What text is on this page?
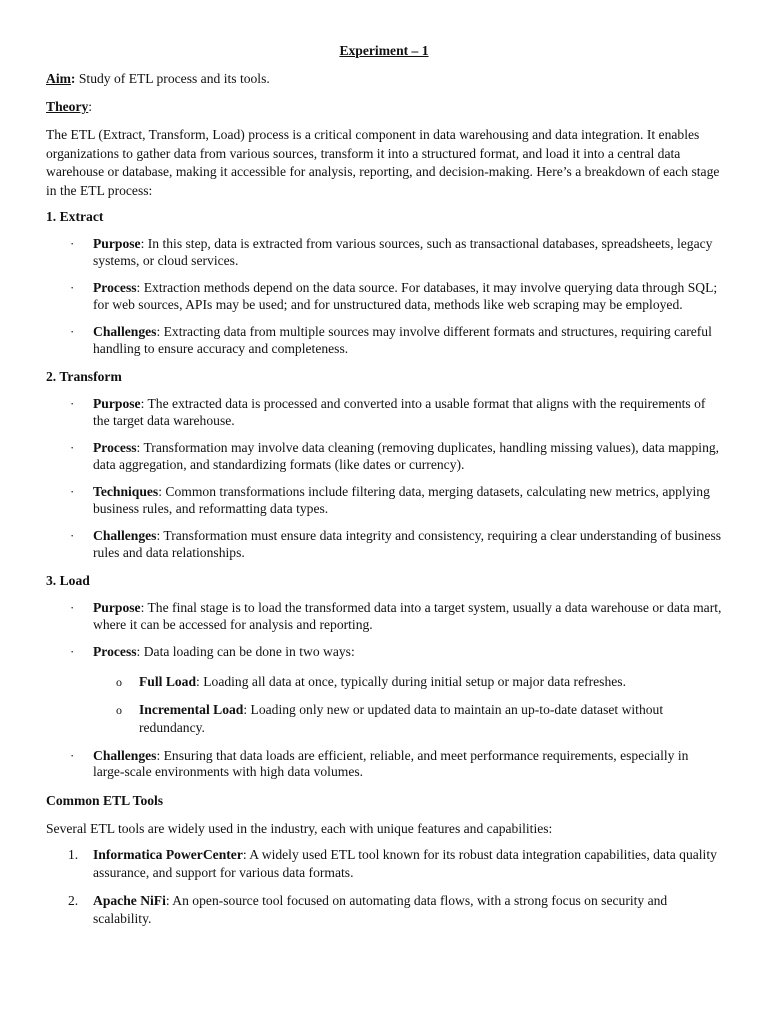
Experiment – 1

Aim: Study of ETL process and its tools.

Theory:

The ETL (Extract, Transform, Load) process is a critical component in data warehousing and data integration. It enables organizations to gather data from various sources, transform it into a structured format, and load it into a central data warehouse or database, making it accessible for analysis, reporting, and decision-making. Here’s a breakdown of each stage in the ETL process:

1. Extract
· Purpose: In this step, data is extracted from various sources, such as transactional databases, spreadsheets, legacy systems, or cloud services.
· Process: Extraction methods depend on the data source. For databases, it may involve querying data through SQL; for web sources, APIs may be used; and for unstructured data, methods like web scraping may be employed.
· Challenges: Extracting data from multiple sources may involve different formats and structures, requiring careful handling to ensure accuracy and completeness.
2. Transform
· Purpose: The extracted data is processed and converted into a usable format that aligns with the requirements of the target data warehouse.
· Process: Transformation may involve data cleaning (removing duplicates, handling missing values), data mapping, data aggregation, and standardizing formats (like dates or currency).
· Techniques: Common transformations include filtering data, merging datasets, calculating new metrics, applying business rules, and reformatting data types.
· Challenges: Transformation must ensure data integrity and consistency, requiring a clear understanding of business rules and data relationships.
3. Load
· Purpose: The final stage is to load the transformed data into a target system, usually a data warehouse or data mart, where it can be accessed for analysis and reporting.
· Process: Data loading can be done in two ways:
o Full Load: Loading all data at once, typically during initial setup or major data refreshes.
o Incremental Load: Loading only new or updated data to maintain an up-to-date dataset without redundancy.
· Challenges: Ensuring that data loads are efficient, reliable, and meet performance requirements, especially in large-scale environments with high data volumes.
Common ETL Tools

Several ETL tools are widely used in the industry, each with unique features and capabilities:

1. Informatica PowerCenter: A widely used ETL tool known for its robust data integration capabilities, data quality assurance, and support for various data formats.
2. Apache NiFi: An open-source tool focused on automating data flows, with a strong focus on security and scalability.
